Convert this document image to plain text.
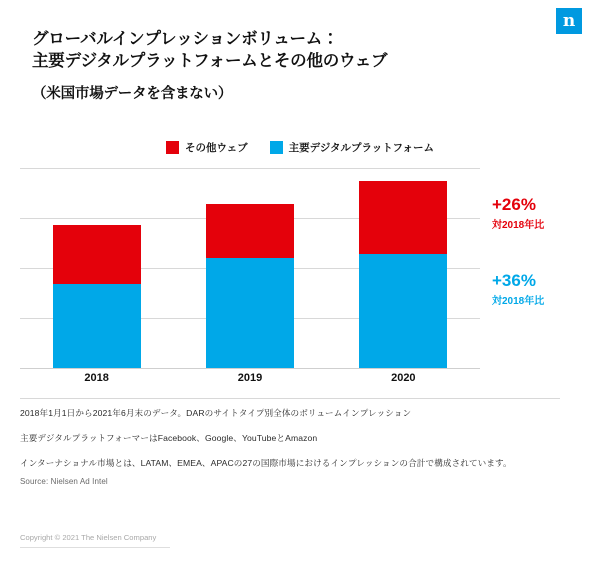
n
グローバルインプレッションボリューム：
主要デジタルプラットフォームとその他のウェブ
（米国市場データを含まない）
その他ウェブ	主要デジタルプラットフォーム
2018	2019	2020
+26%
対2018年比
+36%
対2018年比
2018年1月1日から2021年6月末のデータ。DARのサイトタイプ別全体のボリュームインプレッション
主要デジタルプラットフォーマーはFacebook、Google、YouTubeとAmazon
インターナショナル市場とは、LATAM、EMEA、APACの27の国際市場におけるインプレッションの合計で構成されています。
Source: Nielsen Ad Intel
Copyright © 2021 The Nielsen Company
